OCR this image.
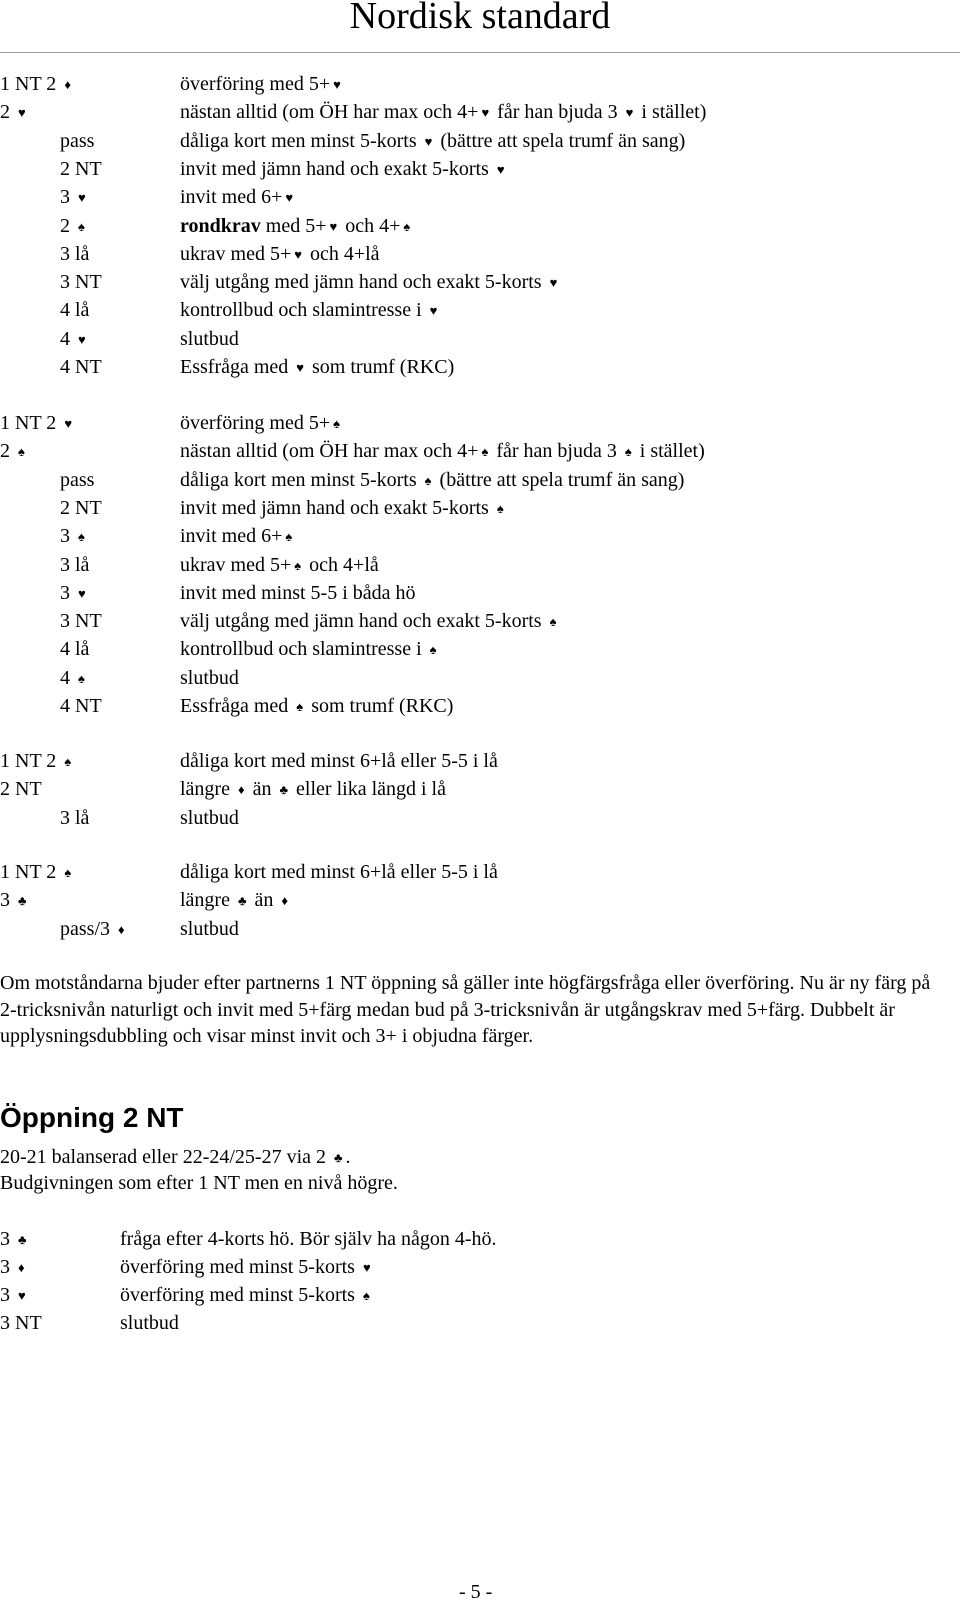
Nordisk standard
1 NT 2 ♦	överföring med 5+ ♥
2 ♥	nästan alltid (om ÖH har max och 4+ ♥ får han bjuda 3 ♥ i stället)
pass	dåliga kort men minst 5-korts ♥ (bättre att spela trumf än sang)
2 NT	invit med jämn hand och exakt 5-korts ♥
3 ♥	invit med 6+ ♥
2 ♠	rondkrav med 5+ ♥ och 4+ ♠
3 lå	ukrav med 5+ ♥ och 4+lå
3 NT	välj utgång med jämn hand och exakt 5-korts ♥
4 lå	kontrollbud och slamintresse i ♥
4 ♥	slutbud
4 NT	Essfråga med ♥ som trumf (RKC)
1 NT 2 ♥	överföring med 5+ ♠
2 ♠	nästan alltid (om ÖH har max och 4+ ♠ får han bjuda 3 ♠ i stället)
pass	dåliga kort men minst 5-korts ♠ (bättre att spela trumf än sang)
2 NT	invit med jämn hand och exakt 5-korts ♠
3 ♠	invit med 6+ ♠
3 lå	ukrav med 5+ ♠ och 4+lå
3 ♥	invit med minst 5-5 i båda hö
3 NT	välj utgång med jämn hand och exakt 5-korts ♠
4 lå	kontrollbud och slamintresse i ♠
4 ♠	slutbud
4 NT	Essfråga med ♠ som trumf (RKC)
1 NT 2 ♠	dåliga kort med minst 6+lå eller 5-5 i lå
2 NT	längre ♦ än ♣ eller lika längd i lå
3 lå	slutbud
1 NT 2 ♠	dåliga kort med minst 6+lå eller 5-5 i lå
3 ♣	längre ♣ än ♦
pass/3 ♦	slutbud
Om motståndarna bjuder efter partnerns 1 NT öppning så gäller inte högfärgsfråga eller överföring. Nu är ny färg på 2-tricksnivån naturligt och invit med 5+färg medan bud på 3-tricksnivån är utgångskrav med 5+färg. Dubbelt är upplysningsdubbling och visar minst invit och 3+ i objudna färger.
Öppning 2 NT
20-21 balanserad eller 22-24/25-27 via 2 ♣ .
Budgivningen som efter 1 NT men en nivå högre.
3 ♣	fråga efter 4-korts hö. Bör själv ha någon 4-hö.
3 ♦	överföring med minst 5-korts ♥
3 ♥	överföring med minst 5-korts ♠
3 NT	slutbud
- 5 -
